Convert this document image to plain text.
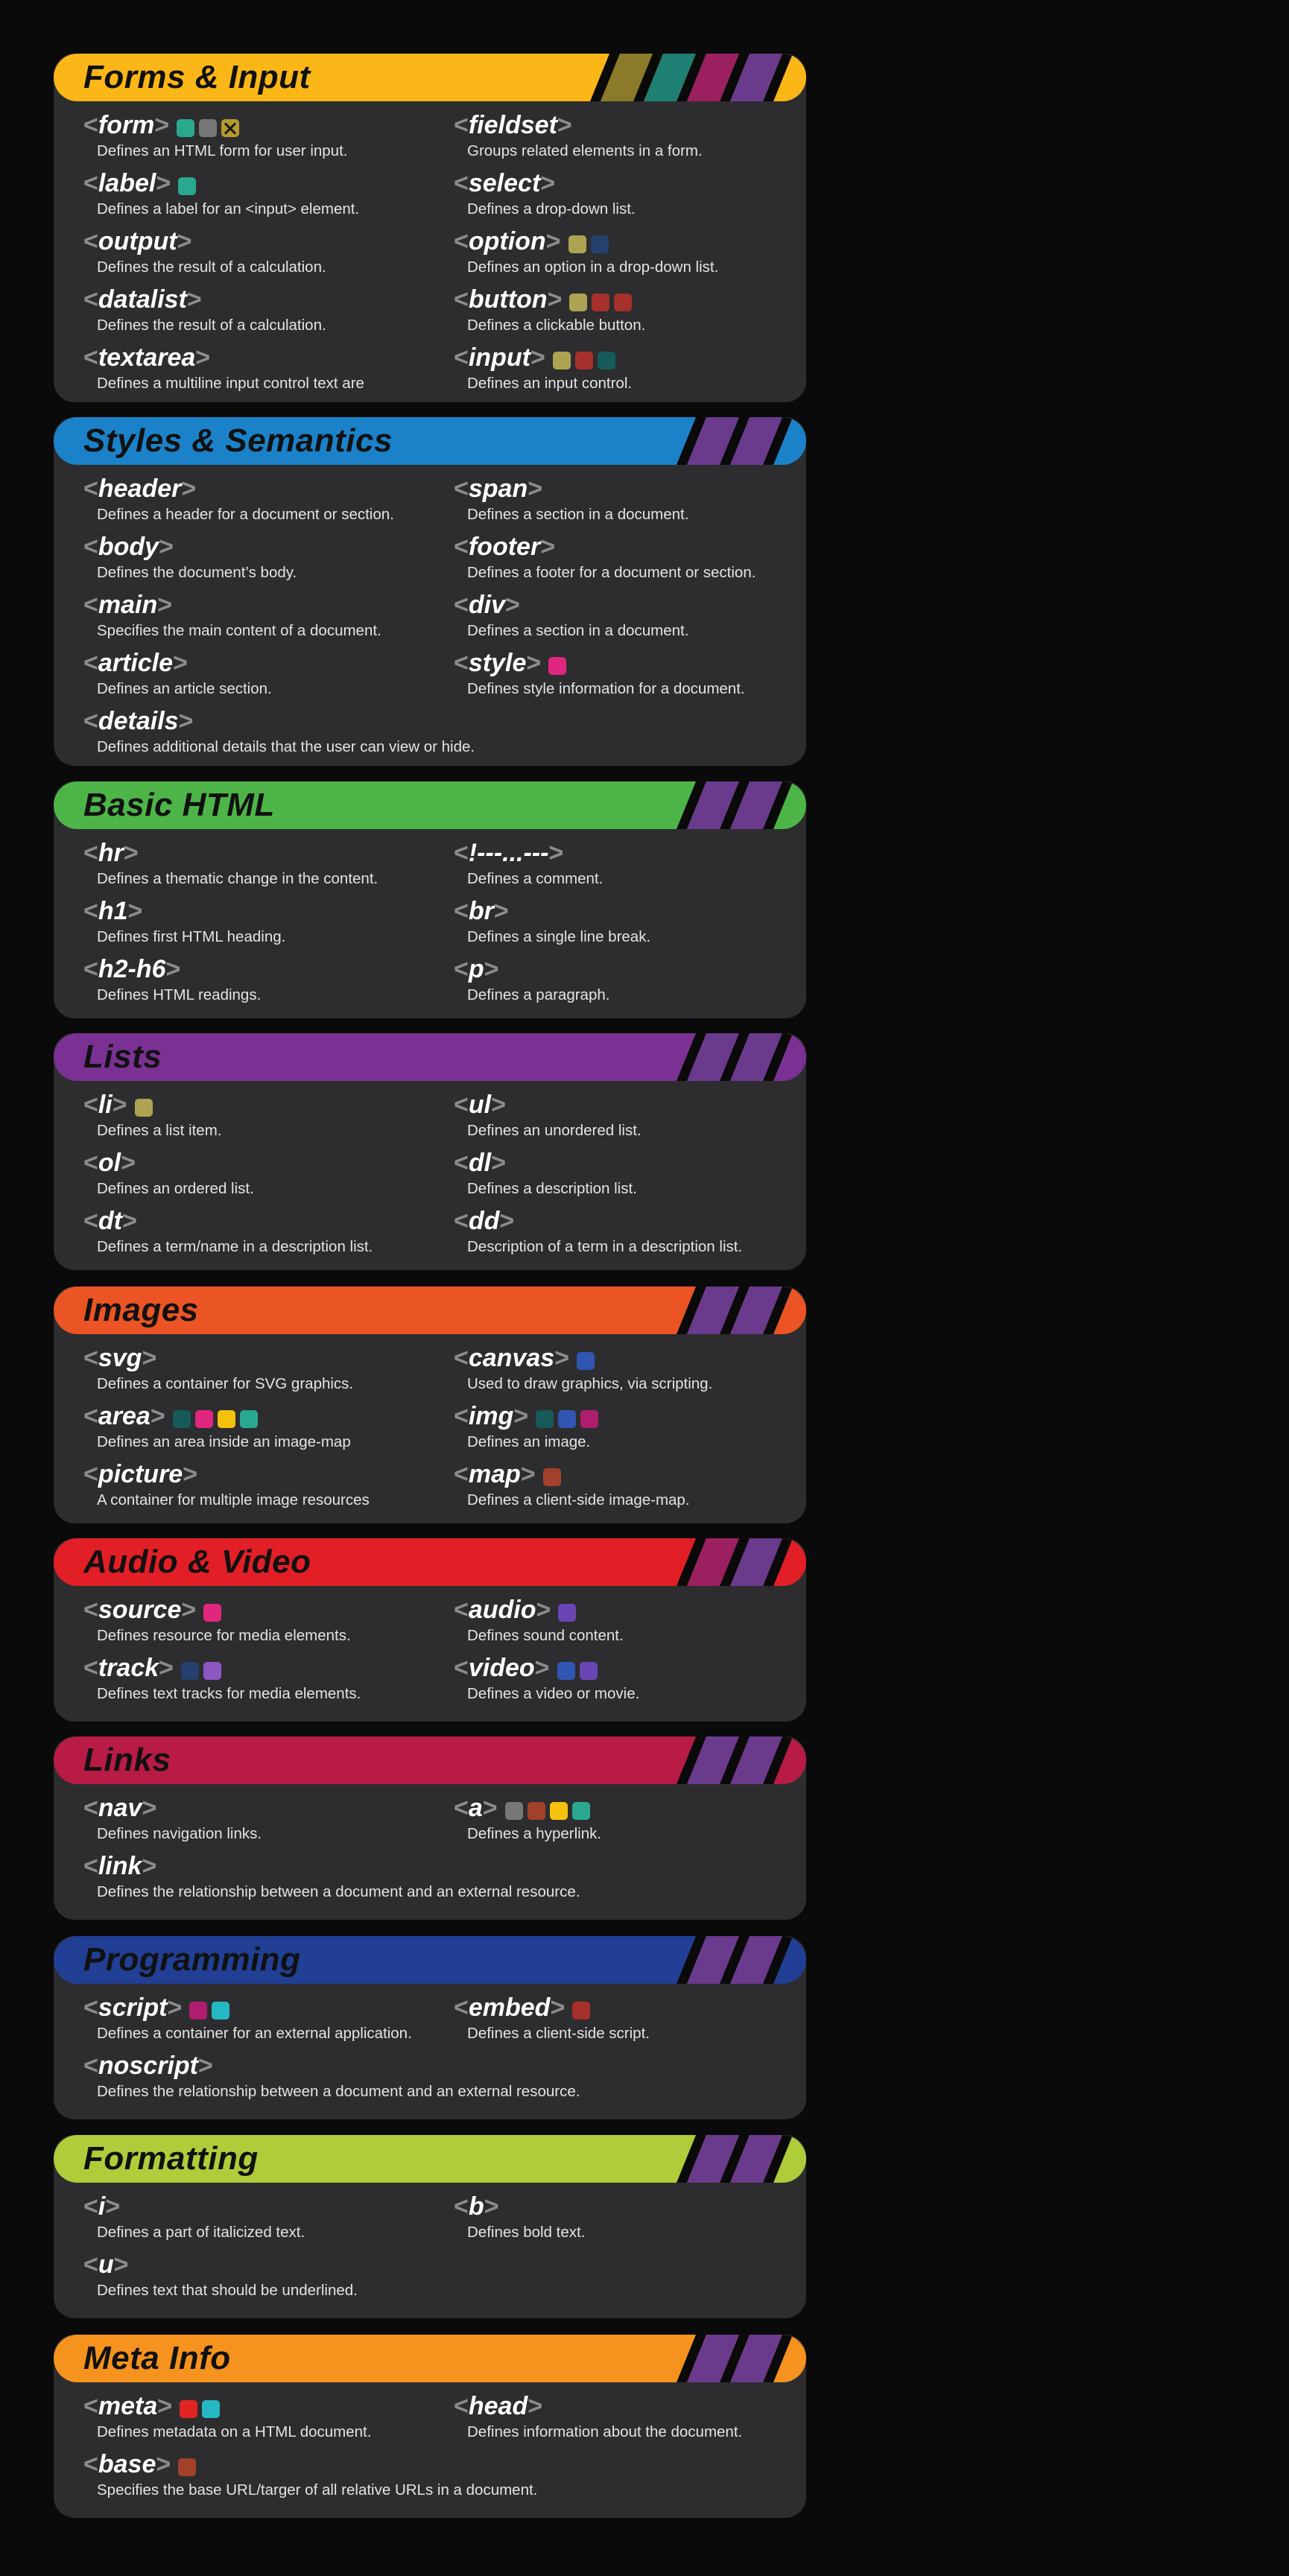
Forms & Input
<form>
Defines an HTML form for user input.
<fieldset>
Groups related elements in a form.
<label>
Defines a label for an <input> element.
<select>
Defines a drop-down list.
<output>
Defines the result of a calculation.
<option>
Defines an option in a drop-down list.
<datalist>
Defines the result of a calculation.
<button>
Defines a clickable button.
<textarea>
Defines a multiline input control text are
<input>
Defines an input control.
Styles & Semantics
<header>
Defines a header for a document or section.
<span>
Defines a section in a document.
<body>
Defines the document’s body.
<footer>
Defines a footer for a document or section.
<main>
Specifies the main content of a document.
<div>
Defines a section in a document.
<article>
Defines an article section.
<style>
Defines style information for a document.
<details>
Defines additional details that the user can view or hide.
Basic HTML
<hr>
Defines a thematic change in the content.
<!---...--->
Defines a comment.
<h1>
Defines first HTML heading.
<br>
Defines a single line break.
<h2-h6>
Defines HTML readings.
<p>
Defines a paragraph.
Lists
<li>
Defines a list item.
<ul>
Defines an unordered list.
<ol>
Defines an ordered list.
<dl>
Defines a description list.
<dt>
Defines a term/name in a description list.
<dd>
Description of a term in a description list.
Images
<svg>
Defines a container for SVG graphics.
<canvas>
Used to draw graphics, via scripting.
<area>
Defines an area inside an image-map
<img>
Defines an image.
<picture>
A container for multiple image resources
<map>
Defines a client-side image-map.
Audio & Video
<source>
Defines resource for media elements.
<audio>
Defines sound content.
<track>
Defines text tracks for media elements.
<video>
Defines a video or movie.
Links
<nav>
Defines navigation links.
<a>
Defines a hyperlink.
<link>
Defines the relationship between a document and an external resource.
Programming
<script>
Defines a container for an external application.
<embed>
Defines a client-side script.
<noscript>
Defines the relationship between a document and an external resource.
Formatting
<i>
Defines a part of italicized text.
<b>
Defines bold text.
<u>
Defines text that should be underlined.
Meta Info
<meta>
Defines metadata on a HTML document.
<head>
Defines information about the document.
<base>
Specifies the base URL/targer of all relative URLs in a document.
